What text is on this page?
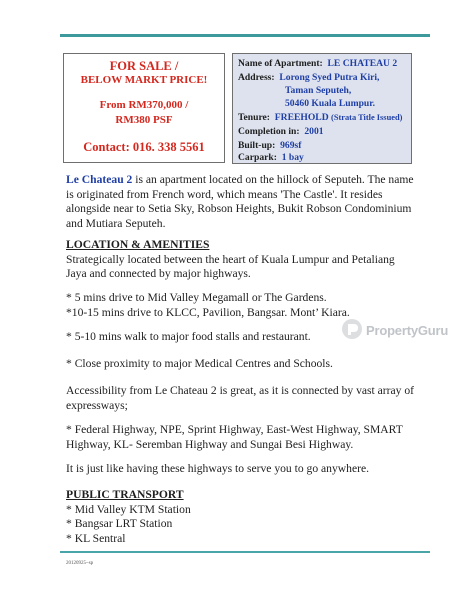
FOR SALE /
BELOW MARKT PRICE!
From RM370,000 /
RM380 PSF
Contact: 016. 338 5561
Name of Apartment: LE CHATEAU 2
Address: Lorong Syed Putra Kiri,
Taman Seputeh,
50460 Kuala Lumpur.
Tenure: FREEHOLD (Strata Title Issued)
Completion in: 2001
Built-up: 969sf
Carpark: 1 bay
Le Chateau 2 is an apartment located on the hillock of Seputeh. The name
is originated from French word, which means 'The Castle'. It resides
alongside near to Setia Sky, Robson Heights, Bukit Robson Condominium
and Mutiara Seputeh.
LOCATION & AMENITIES
Strategically located between the heart of Kuala Lumpur and Petaliang
Jaya and connected by major highways.
* 5 mins drive to Mid Valley Megamall or The Gardens.
*10-15 mins drive to KLCC, Pavilion, Bangsar. Mont’ Kiara.
* 5-10 mins walk to major food stalls and restaurant.
* Close proximity to major Medical Centres and Schools.
Accessibility from Le Chateau 2 is great, as it is connected by vast array of
expressways;
* Federal Highway, NPE, Sprint Highway, East-West Highway, SMART
Highway, KL- Seremban Highway and Sungai Besi Highway.
It is just like having these highways to serve you to go anywhere.
PUBLIC TRANSPORT
* Mid Valley KTM Station
* Bangsar LRT Station
* KL Sentral
20120925~sp
PropertyGuru
